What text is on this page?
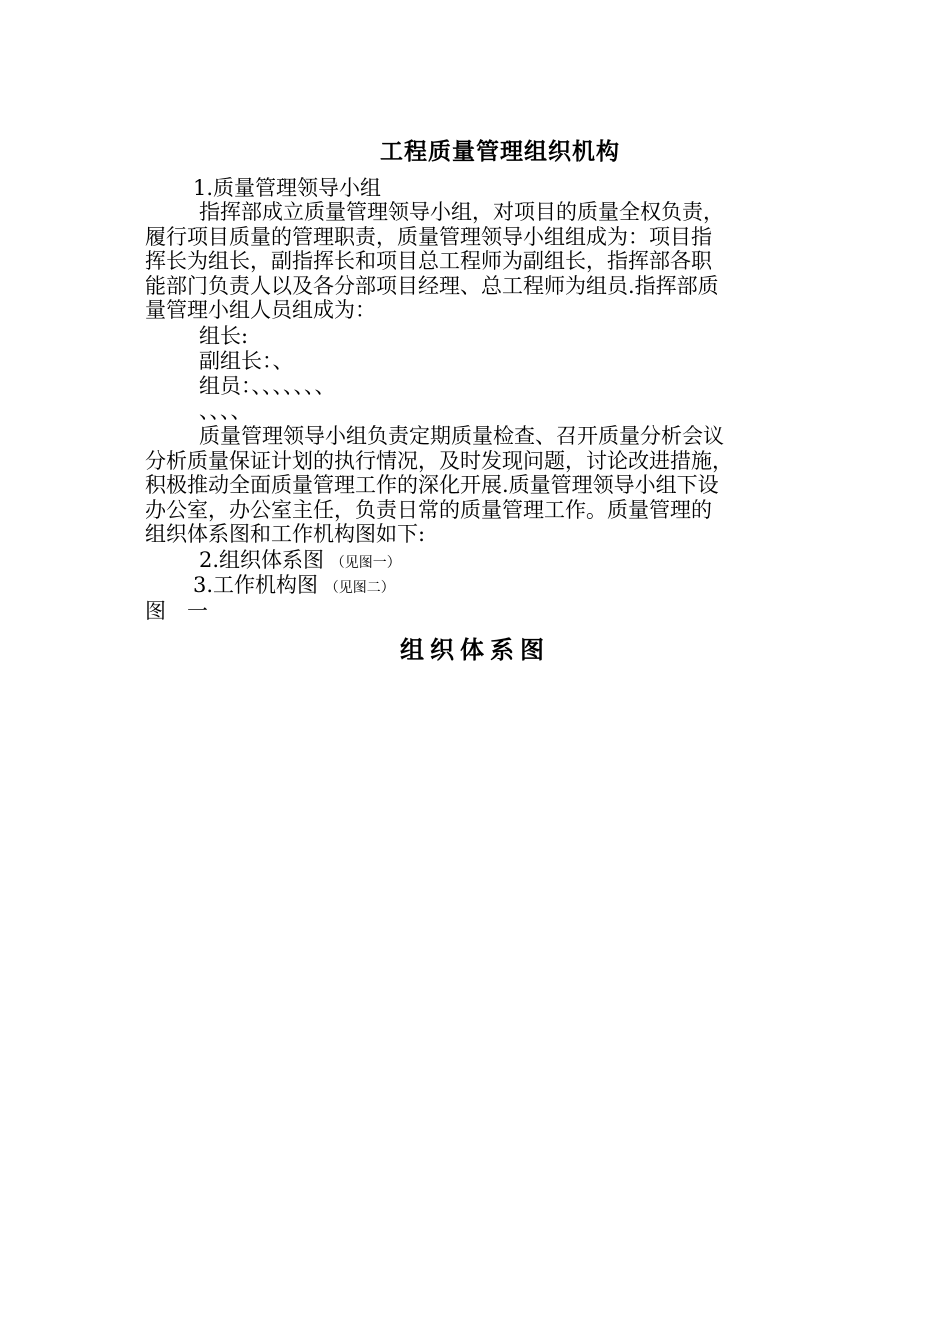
工程质量管理组织机构
1.质量管理领导小组
指挥部成立质量管理领导小组，对项目的质量全权负责，
履行项目质量的管理职责，质量管理领导小组组成为：项目指
挥长为组长，副指挥长和项目总工程师为副组长，指挥部各职
能部门负责人以及各分部项目经理、总工程师为组员.指挥部质
量管理小组人员组成为：
组长:
副组长：、
组员：、、、、、、、
、、、、
质量管理领导小组负责定期质量检查、召开质量分析会议
分析质量保证计划的执行情况，及时发现问题，讨论改进措施，
积极推动全面质量管理工作的深化开展.质量管理领导小组下设
办公室，办公室主任，负责日常的质量管理工作。质量管理的
组织体系图和工作机构图如下:
2.组织体系图 （见图一）
3.工作机构图 （见图二）
图　一
组织体系图
